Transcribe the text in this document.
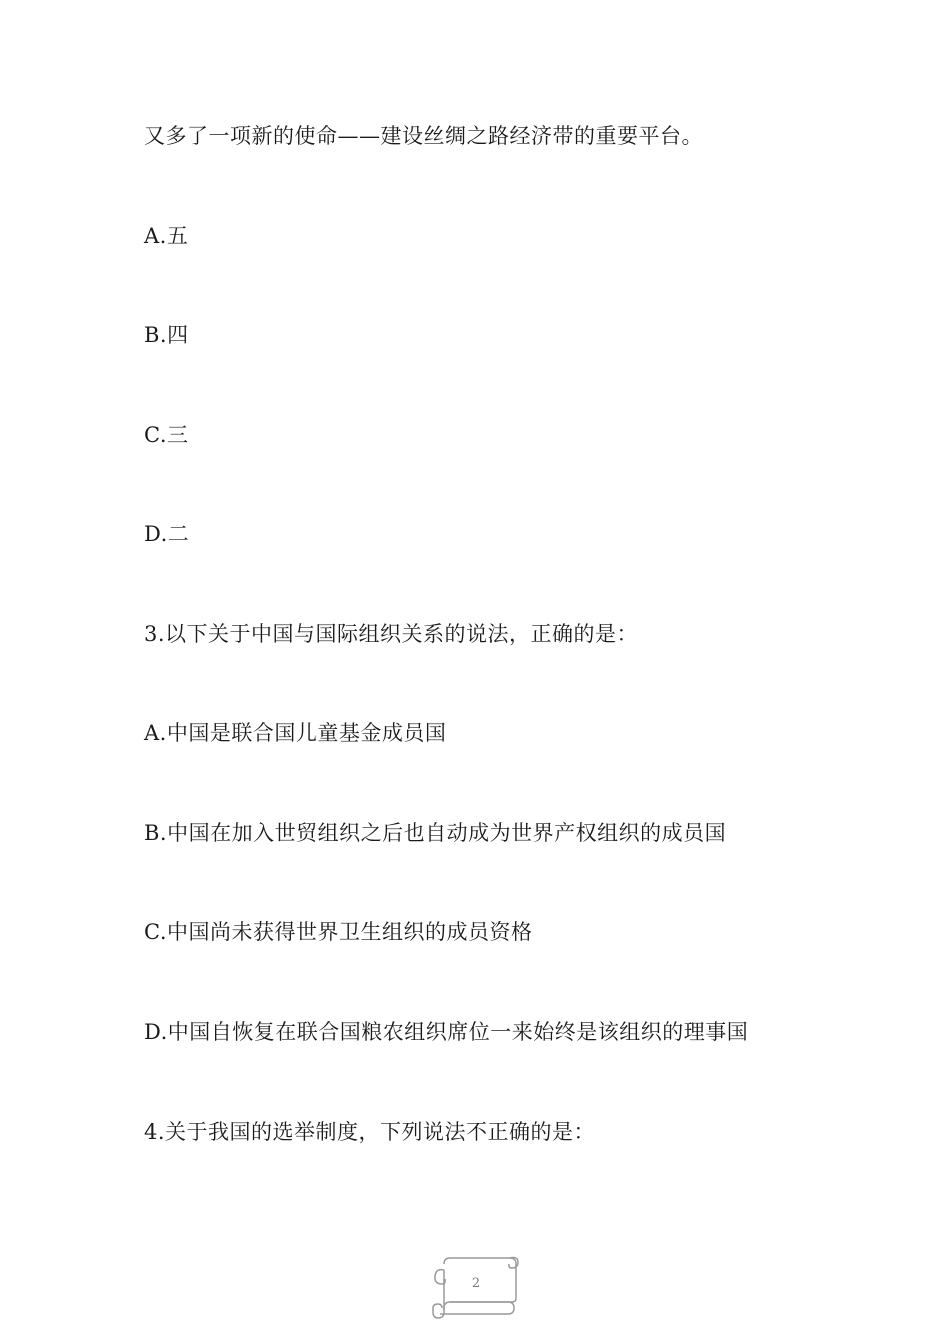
又多了一项新的使命——建设丝绸之路经济带的重要平台。
A.五
B.四
C.三
D.二
3.以下关于中国与国际组织关系的说法，正确的是：
A.中国是联合国儿童基金成员国
B.中国在加入世贸组织之后也自动成为世界产权组织的成员国
C.中国尚未获得世界卫生组织的成员资格
D.中国自恢复在联合国粮农组织席位一来始终是该组织的理事国
4.关于我国的选举制度，下列说法不正确的是：
2
